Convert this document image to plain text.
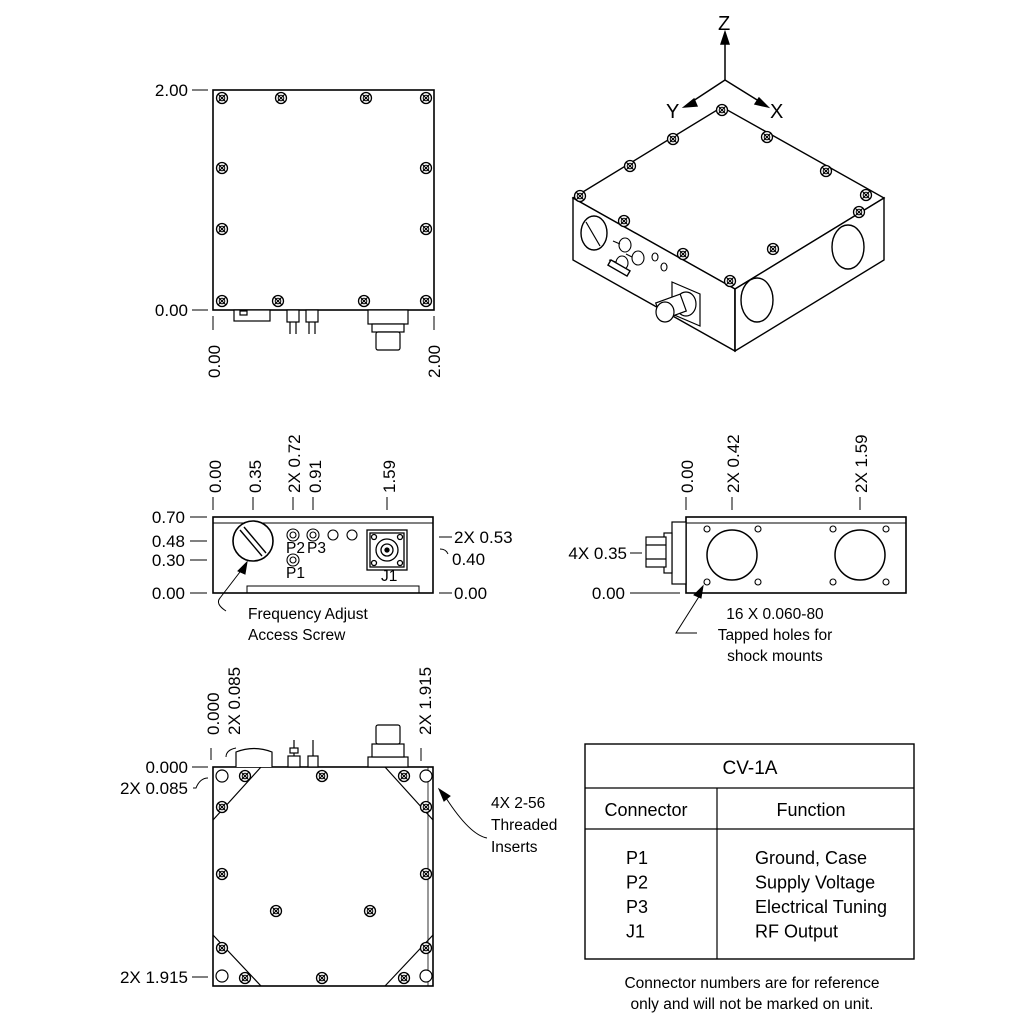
2.00
0.00
0.00	2.00
Z
Y	X
0.00 0.35 2X 0.72 0.91	1.59
0.70
0.48
0.30
0.00
2X 0.53
0.40
0.00
P2 P3
P1	J1
Frequency Adjust
Access Screw
0.00 2X 0.42	2X 1.59
4X 0.35
0.00
16 X 0.060-80
Tapped holes for
shock mounts
0.000 2X 0.085	2X 1.915
0.000
2X 0.085
2X 1.915
4X 2-56
Threaded
Inserts
CV-1A
Connector	Function
P1	Ground, Case
P2	Supply Voltage
P3	Electrical Tuning
J1	RF Output
Connector numbers are for reference
only and will not be marked on unit.
